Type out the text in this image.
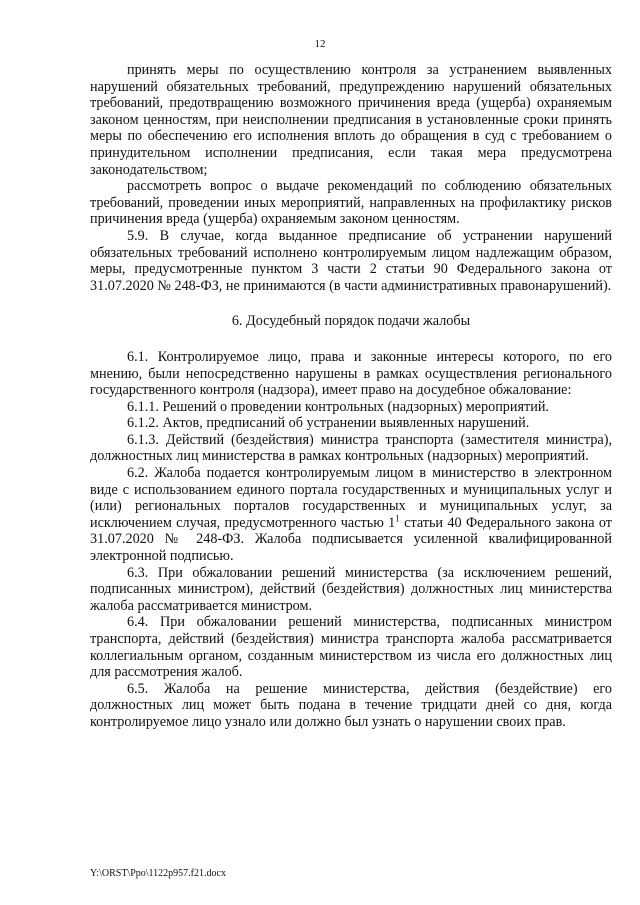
12

принять меры по осуществлению контроля за устранением выявленных нарушений обязательных требований, предупреждению нарушений обязательных требований, предотвращению возможного причинения вреда (ущерба) охраняемым законом ценностям, при неисполнении предписания в установленные сроки принять меры по обеспечению его исполнения вплоть до обращения в суд с требованием о принудительном исполнении предписания, если такая мера предусмотрена законодательством;

рассмотреть вопрос о выдаче рекомендаций по соблюдению обязательных требований, проведении иных мероприятий, направленных на профилактику рисков причинения вреда (ущерба) охраняемым законом ценностям.

5.9. В случае, когда выданное предписание об устранении нарушений обязательных требований исполнено контролируемым лицом надлежащим образом, меры, предусмотренные пунктом 3 части 2 статьи 90 Федерального закона от 31.07.2020 № 248-ФЗ, не принимаются (в части административных правонарушений).

6. Досудебный порядок подачи жалобы

6.1. Контролируемое лицо, права и законные интересы которого, по его мнению, были непосредственно нарушены в рамках осуществления регионального государственного контроля (надзора), имеет право на досудебное обжалование:

6.1.1. Решений о проведении контрольных (надзорных) мероприятий.

6.1.2. Актов, предписаний об устранении выявленных нарушений.

6.1.3. Действий (бездействия) министра транспорта (заместителя министра), должностных лиц министерства в рамках контрольных (надзорных) мероприятий.

6.2. Жалоба подается контролируемым лицом в министерство в электронном виде с использованием единого портала государственных и муниципальных услуг и (или) региональных порталов государственных и муниципальных услуг, за исключением случая, предусмотренного частью $1^1$ статьи 40 Федерального закона от 31.07.2020 № 248-ФЗ. Жалоба подписывается усиленной квалифицированной электронной подписью.

6.3. При обжаловании решений министерства (за исключением решений, подписанных министром), действий (бездействия) должностных лиц министерства жалоба рассматривается министром.

6.4. При обжаловании решений министерства, подписанных министром транспорта, действий (бездействия) министра транспорта жалоба рассматривается коллегиальным органом, созданным министерством из числа его должностных лиц для рассмотрения жалоб.

6.5. Жалоба на решение министерства, действия (бездействие) его должностных лиц может быть подана в течение тридцати дней со дня, когда контролируемое лицо узнало или должно был узнать о нарушении своих прав.

Y:\ORST\Ppo\1122p957.f21.docx
